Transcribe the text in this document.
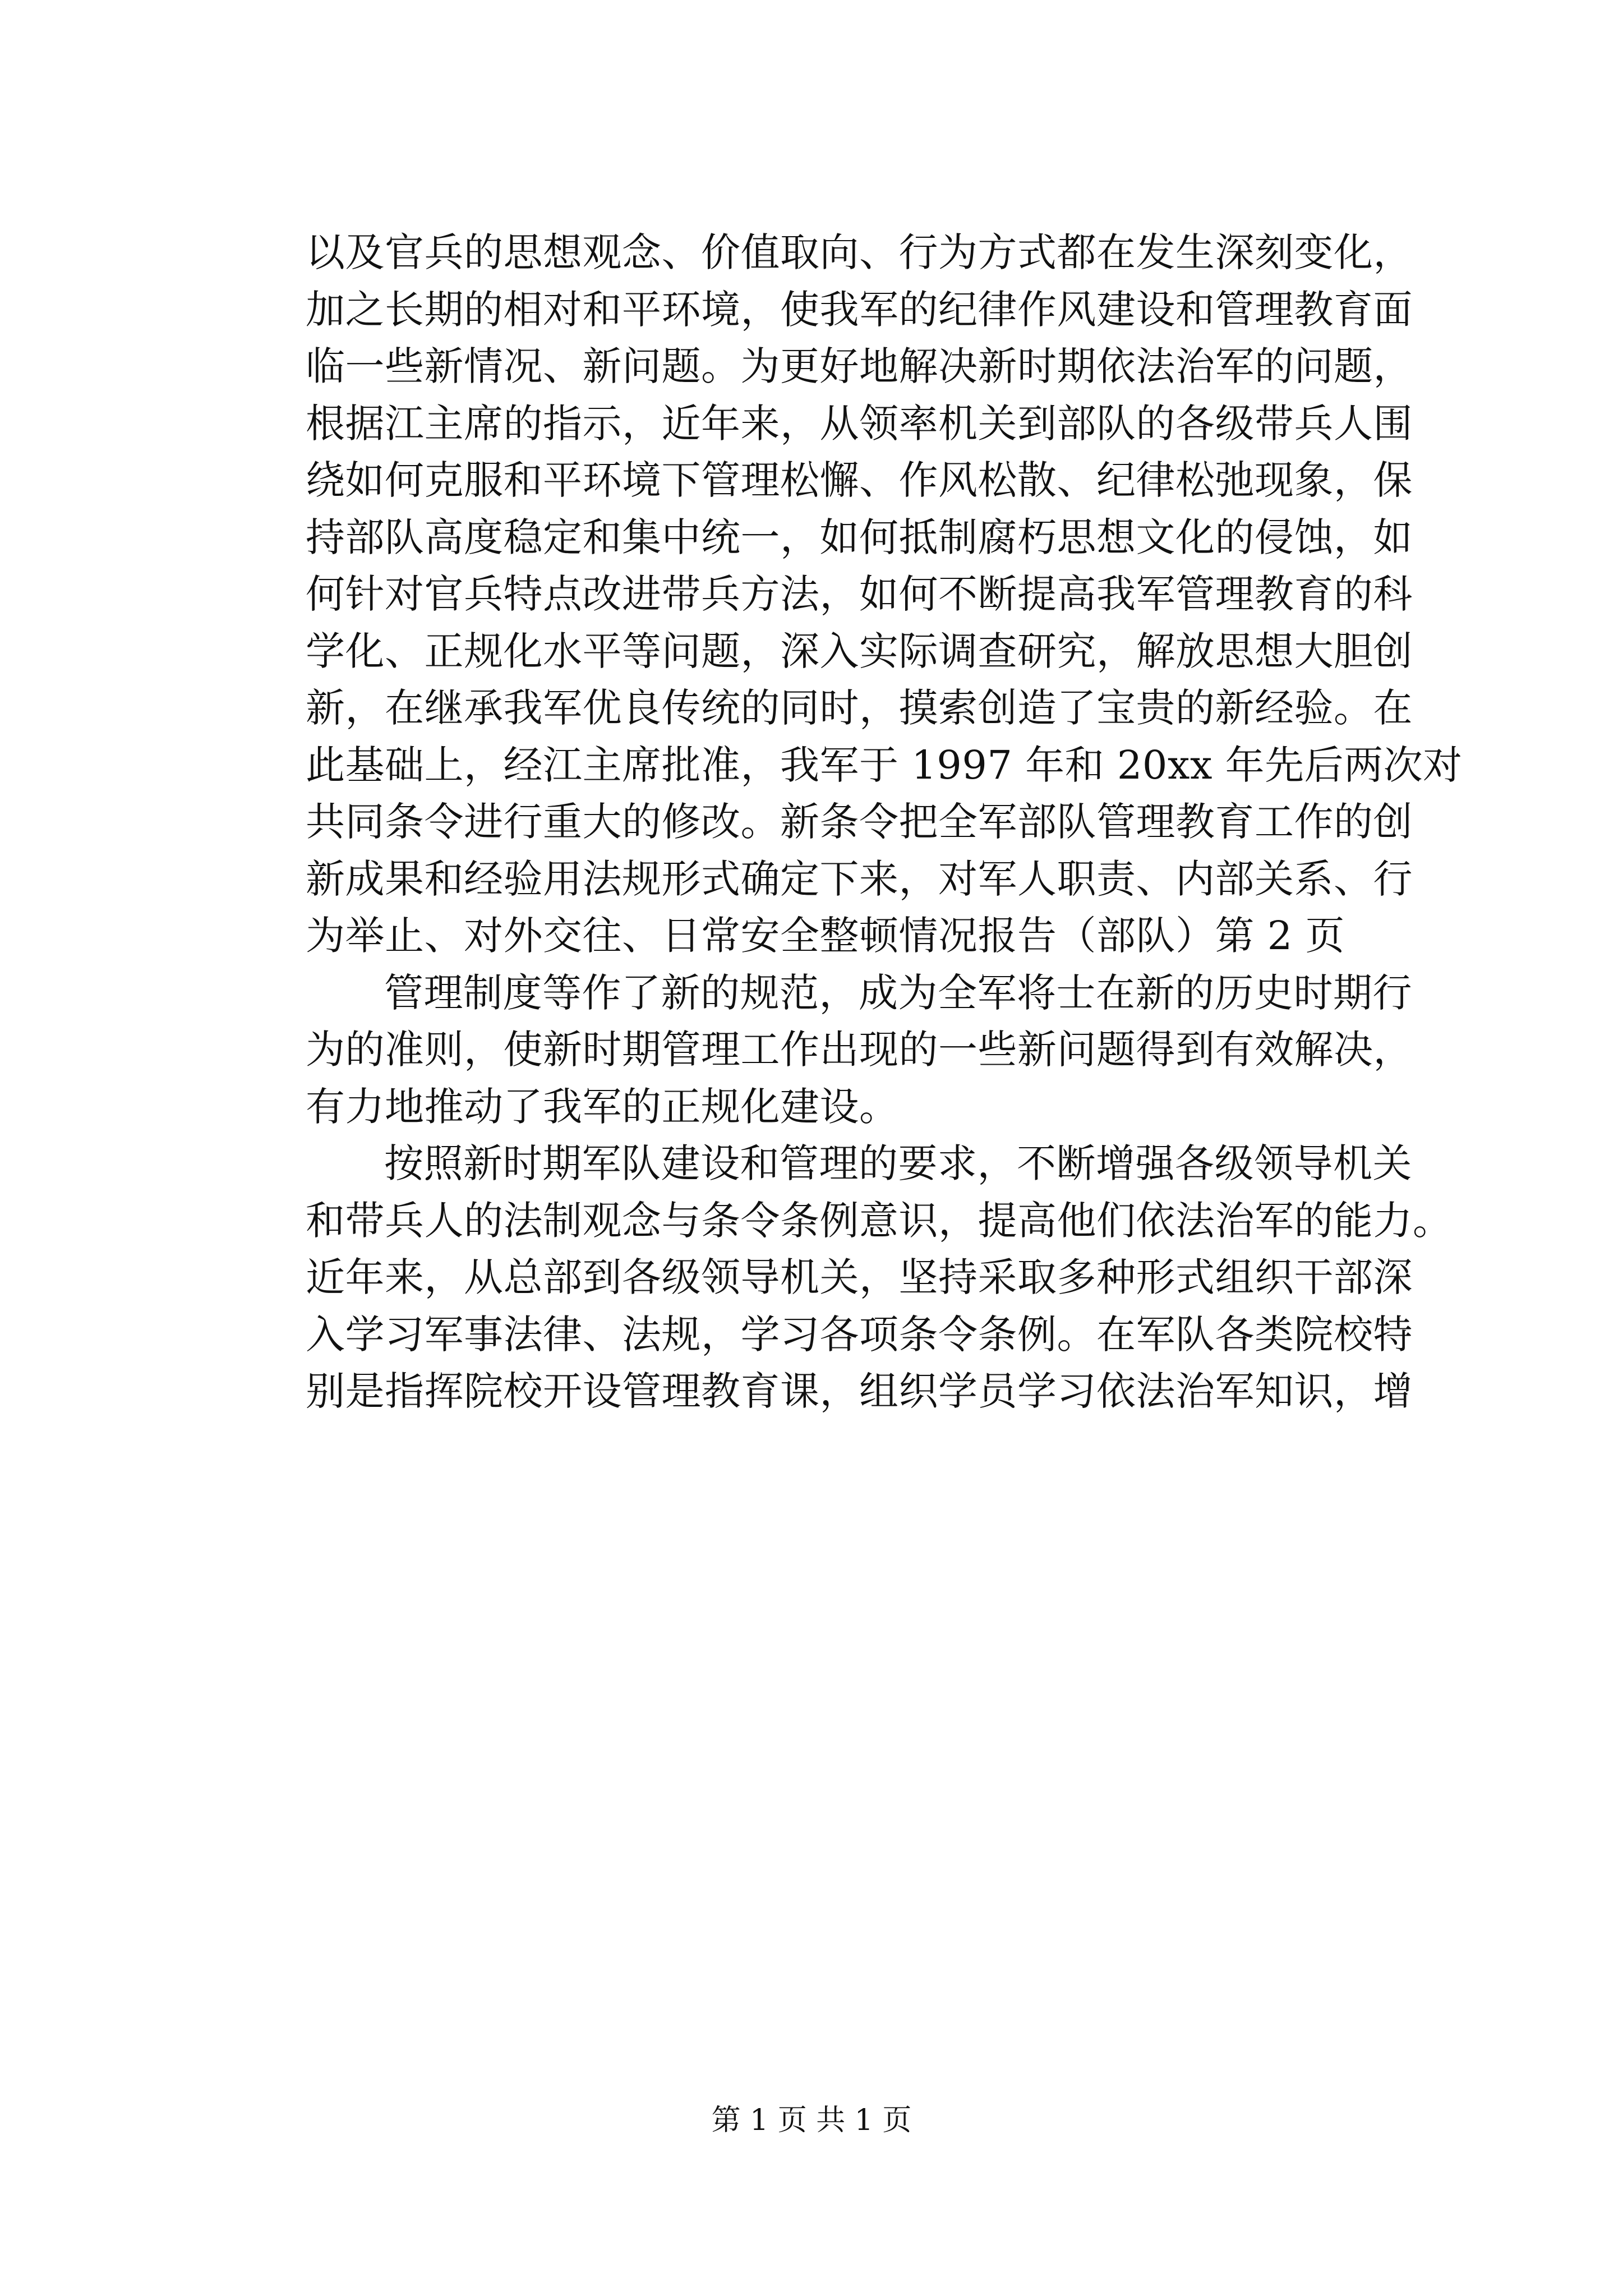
以及官兵的思想观念、价值取向、行为方式都在发生深刻变化，
加之长期的相对和平环境，使我军的纪律作风建设和管理教育面
临一些新情况、新问题。为更好地解决新时期依法治军的问题，
根据江主席的指示，近年来，从领率机关到部队的各级带兵人围
绕如何克服和平环境下管理松懈、作风松散、纪律松弛现象，保
持部队高度稳定和集中统一，如何抵制腐朽思想文化的侵蚀，如
何针对官兵特点改进带兵方法，如何不断提高我军管理教育的科
学化、正规化水平等问题，深入实际调查研究，解放思想大胆创
新，在继承我军优良传统的同时，摸索创造了宝贵的新经验。在
此基础上，经江主席批准，我军于 1997 年和 20xx 年先后两次对
共同条令进行重大的修改。新条令把全军部队管理教育工作的创
新成果和经验用法规形式确定下来，对军人职责、内部关系、行
为举止、对外交往、日常安全整顿情况报告（部队）第 2 页
管理制度等作了新的规范，成为全军将士在新的历史时期行
为的准则，使新时期管理工作出现的一些新问题得到有效解决，
有力地推动了我军的正规化建设。
按照新时期军队建设和管理的要求，不断增强各级领导机关
和带兵人的法制观念与条令条例意识，提高他们依法治军的能力。
近年来，从总部到各级领导机关，坚持采取多种形式组织干部深
入学习军事法律、法规，学习各项条令条例。在军队各类院校特
别是指挥院校开设管理教育课，组织学员学习依法治军知识，增
第 1 页 共 1 页
